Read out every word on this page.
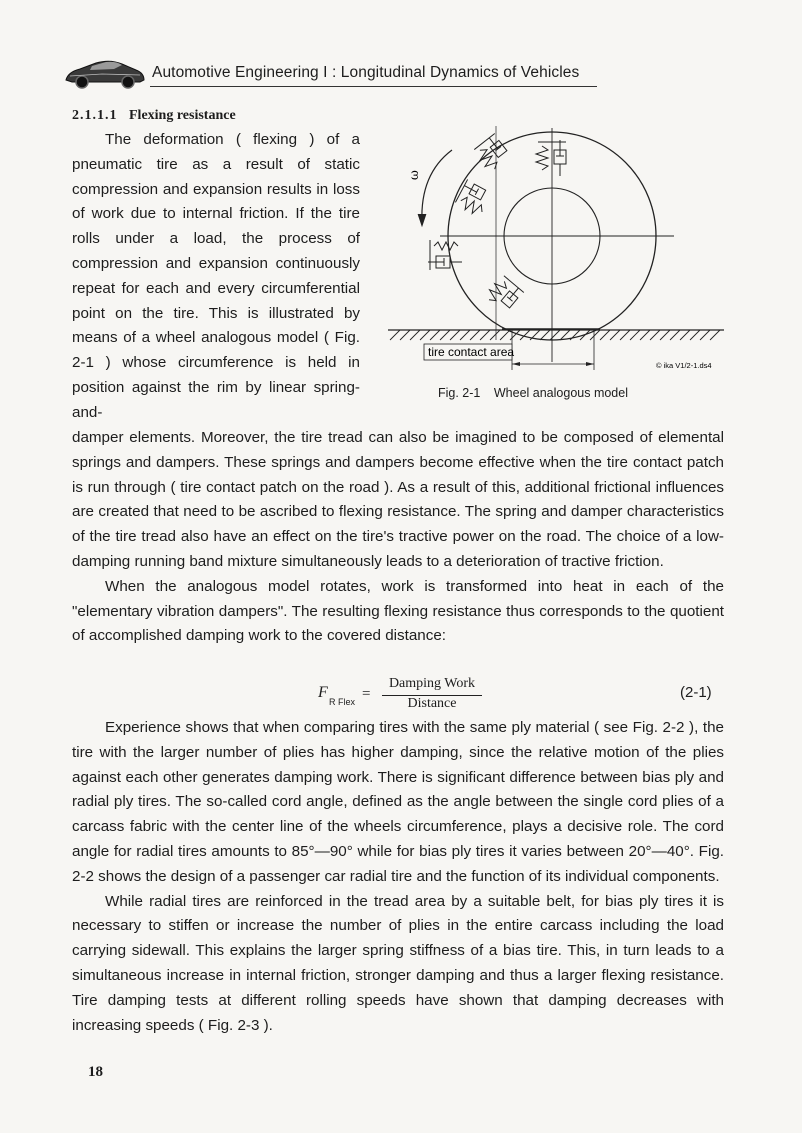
Automotive Engineering I : Longitudinal Dynamics of Vehicles
2.1.1.1 Flexing resistance

The deformation ( flexing ) of a pneumatic tire as a result of static compression and expansion results in loss of work due to internal friction. If the tire rolls under a load, the process of compression and expansion continuously repeat for each and every circumferential point on the tire. This is illustrated by means of a wheel analogous model ( Fig. 2-1 ) whose circumference is held in position against the rim by linear spring-and-

ω
tire contact area
© ika V1/2-1.ds4
Fig. 2-1 Wheel analogous model

damper elements. Moreover, the tire tread can also be imagined to be composed of elemental springs and dampers. These springs and dampers become effective when the tire contact patch is run through ( tire contact patch on the road ). As a result of this, additional frictional influences are created that need to be ascribed to flexing resistance. The spring and damper characteristics of the tire tread also have an effect on the tire's tractive power on the road. The choice of a low-damping running band mixture simultaneously leads to a deterioration of tractive friction.

When the analogous model rotates, work is transformed into heat in each of the "elementary vibration dampers". The resulting flexing resistance thus corresponds to the quotient of accomplished damping work to the covered distance:

F
R Flex =
Damping Work
Distance
(2-1)

Experience shows that when comparing tires with the same ply material ( see Fig. 2-2 ), the tire with the larger number of plies has higher damping, since the relative motion of the plies against each other generates damping work. There is significant difference between bias ply and radial ply tires. The so-called cord angle, defined as the angle between the single cord plies of a carcass fabric with the center line of the wheels circumference, plays a decisive role. The cord angle for radial tires amounts to 85°—90° while for bias ply tires it varies between 20°—40°. Fig. 2-2 shows the design of a passenger car radial tire and the function of its individual components.

While radial tires are reinforced in the tread area by a suitable belt, for bias ply tires it is necessary to stiffen or increase the number of plies in the entire carcass including the load carrying sidewall. This explains the larger spring stiffness of a bias tire. This, in turn leads to a simultaneous increase in internal friction, stronger damping and thus a larger flexing resistance. Tire damping tests at different rolling speeds have shown that damping decreases with increasing speeds ( Fig. 2-3 ).

18
